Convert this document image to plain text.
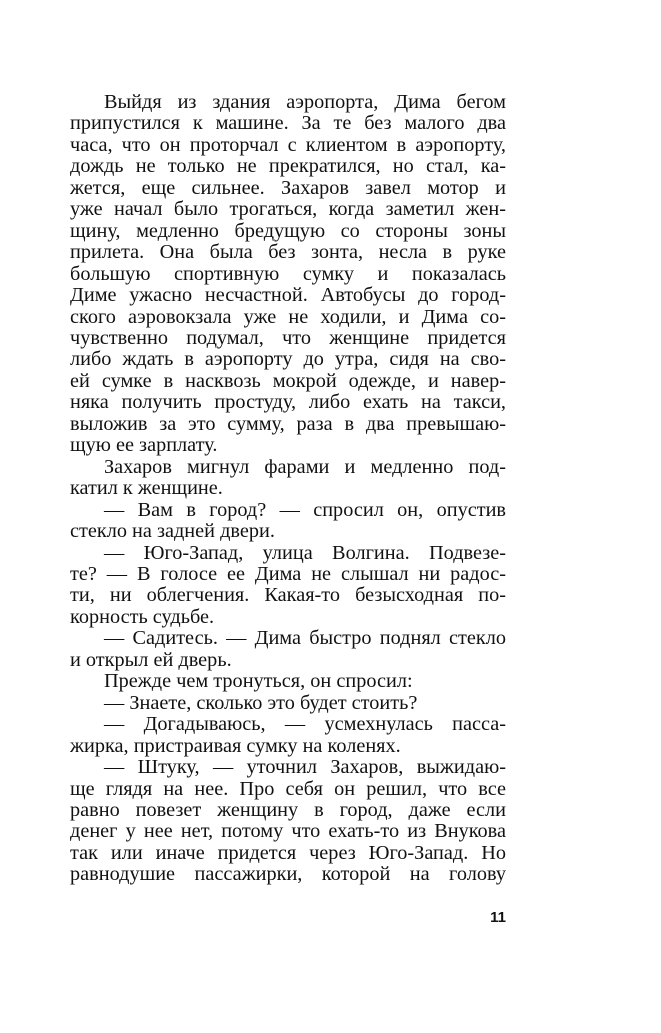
Выйдя из здания аэропорта, Дима бегом
припустился к машине. За те без малого два
часа, что он проторчал с клиентом в аэропорту,
дождь не только не прекратился, но стал, ка-
жется, еще сильнее. Захаров завел мотор и
уже начал было трогаться, когда заметил жен-
щину, медленно бредущую со стороны зоны
прилета. Она была без зонта, несла в руке
большую спортивную сумку и показалась
Диме ужасно несчастной. Автобусы до город-
ского аэровокзала уже не ходили, и Дима со-
чувственно подумал, что женщине придется
либо ждать в аэропорту до утра, сидя на сво-
ей сумке в насквозь мокрой одежде, и навер-
няка получить простуду, либо ехать на такси,
выложив за это сумму, раза в два превышаю-
щую ее зарплату.
Захаров мигнул фарами и медленно под-
катил к женщине.
— Вам в город? — спросил он, опустив
стекло на задней двери.
— Юго-Запад, улица Волгина. Подвезе-
те? — В голосе ее Дима не слышал ни радос-
ти, ни облегчения. Какая-то безысходная по-
корность судьбе.
— Садитесь. — Дима быстро поднял стекло
и открыл ей дверь.
Прежде чем тронуться, он спросил:
— Знаете, сколько это будет стоить?
— Догадываюсь, — усмехнулась пасса-
жирка, пристраивая сумку на коленях.
— Штуку, — уточнил Захаров, выжидаю-
ще глядя на нее. Про себя он решил, что все
равно повезет женщину в город, даже если
денег у нее нет, потому что ехать-то из Внукова
так или иначе придется через Юго-Запад. Но
равнодушие пассажирки, которой на голову
11
